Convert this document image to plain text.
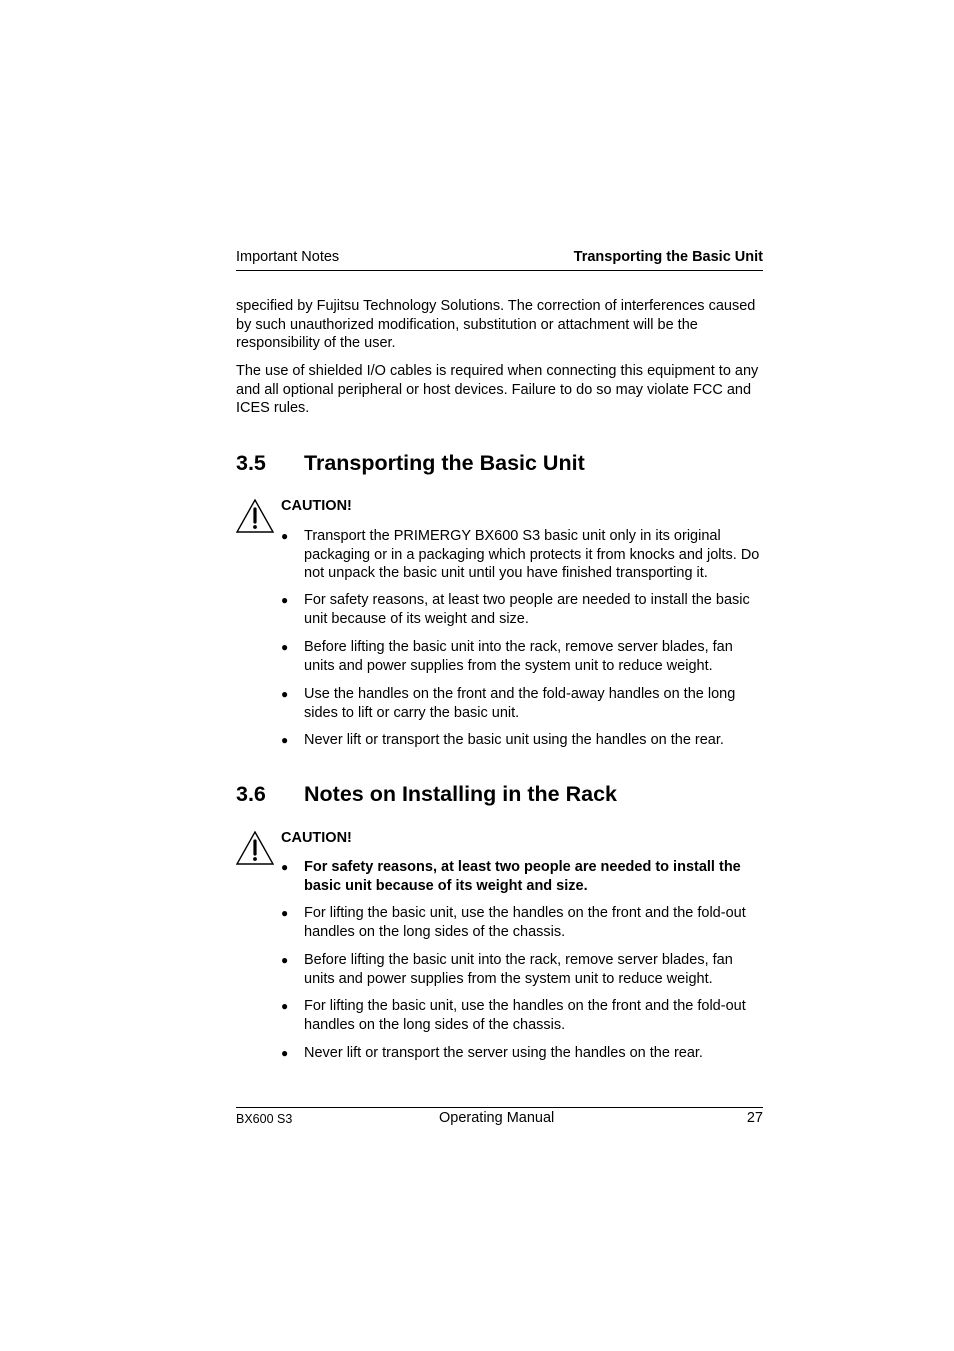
Important Notes	Transporting the Basic Unit

specified by Fujitsu Technology Solutions. The correction of interferences caused by such unauthorized modification, substitution or attachment will be the responsibility of the user.

The use of shielded I/O cables is required when connecting this equipment to any and all optional peripheral or host devices. Failure to do so may violate FCC and ICES rules.

3.5 Transporting the Basic Unit
CAUTION!
● Transport the PRIMERGY BX600 S3 basic unit only in its original packaging or in a packaging which protects it from knocks and jolts. Do not unpack the basic unit until you have finished transporting it.
● For safety reasons, at least two people are needed to install the basic unit because of its weight and size.
● Before lifting the basic unit into the rack, remove server blades, fan units and power supplies from the system unit to reduce weight.
● Use the handles on the front and the fold-away handles on the long sides to lift or carry the basic unit.
● Never lift or transport the basic unit using the handles on the rear.
3.6 Notes on Installing in the Rack
CAUTION!
● For safety reasons, at least two people are needed to install the basic unit because of its weight and size.
● For lifting the basic unit, use the handles on the front and the fold-out handles on the long sides of the chassis.
● Before lifting the basic unit into the rack, remove server blades, fan units and power supplies from the system unit to reduce weight.
● For lifting the basic unit, use the handles on the front and the fold-out handles on the long sides of the chassis.
● Never lift or transport the server using the handles on the rear.
BX600 S3	Operating Manual	27
